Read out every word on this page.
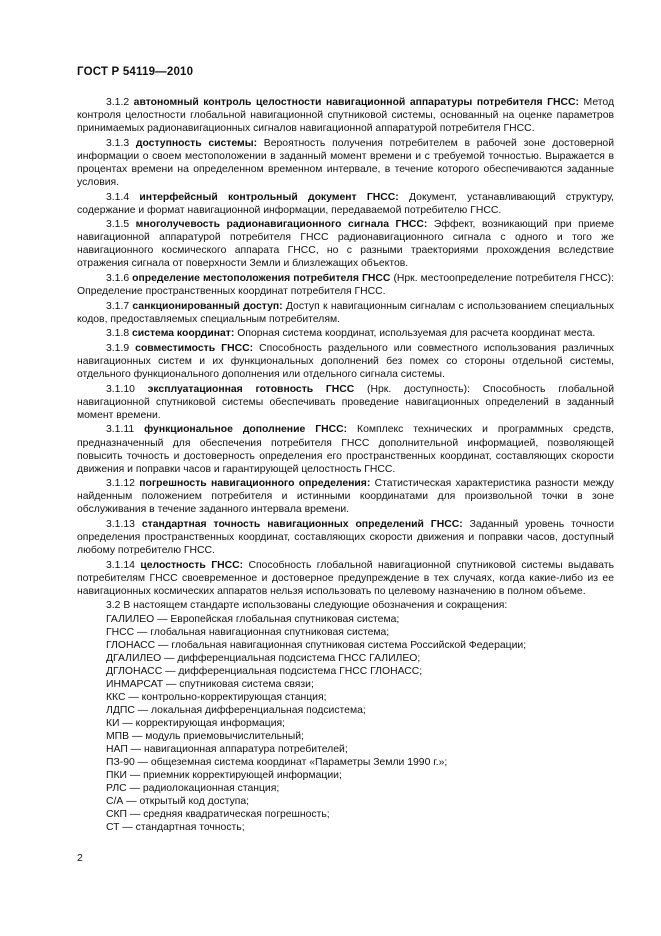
ГОСТ Р 54119—2010

3.1.2 автономный контроль целостности навигационной аппаратуры потребителя ГНСС: Метод контроля целостности глобальной навигационной спутниковой системы, основанный на оценке параметров принимаемых радионавигационных сигналов навигационной аппаратурой потребителя ГНСС.

3.1.3 доступность системы: Вероятность получения потребителем в рабочей зоне достоверной информации о своем местоположении в заданный момент времени и с требуемой точностью. Выражается в процентах времени на определенном временном интервале, в течение которого обеспечиваются заданные условия.

3.1.4 интерфейсный контрольный документ ГНСС: Документ, устанавливающий структуру, содержание и формат навигационной информации, передаваемой потребителю ГНСС.

3.1.5 многолучевость радионавигационного сигнала ГНСС: Эффект, возникающий при приеме навигационной аппаратурой потребителя ГНСС радионавигационного сигнала с одного и того же навигационного космического аппарата ГНСС, но с разными траекториями прохождения вследствие отражения сигнала от поверхности Земли и близлежащих объектов.

3.1.6 определение местоположения потребителя ГНСС (Нрк. местоопределение потребителя ГНСС): Определение пространственных координат потребителя ГНСС.

3.1.7 санкционированный доступ: Доступ к навигационным сигналам с использованием специальных кодов, предоставляемых специальным потребителям.

3.1.8 система координат: Опорная система координат, используемая для расчета координат места.

3.1.9 совместимость ГНСС: Способность раздельного или совместного использования различных навигационных систем и их функциональных дополнений без помех со стороны отдельной системы, отдельного функционального дополнения или отдельного сигнала системы.

3.1.10 эксплуатационная готовность ГНСС (Нрк. доступность): Способность глобальной навигационной спутниковой системы обеспечивать проведение навигационных определений в заданный момент времени.

3.1.11 функциональное дополнение ГНСС: Комплекс технических и программных средств, предназначенный для обеспечения потребителя ГНСС дополнительной информацией, позволяющей повысить точность и достоверность определения его пространственных координат, составляющих скорости движения и поправки часов и гарантирующей целостность ГНСС.

3.1.12 погрешность навигационного определения: Статистическая характеристика разности между найденным положением потребителя и истинными координатами для произвольной точки в зоне обслуживания в течение заданного интервала времени.

3.1.13 стандартная точность навигационных определений ГНСС: Заданный уровень точности определения пространственных координат, составляющих скорости движения и поправки часов, доступный любому потребителю ГНСС.

3.1.14 целостность ГНСС: Способность глобальной навигационной спутниковой системы выдавать потребителям ГНСС своевременное и достоверное предупреждение в тех случаях, когда какие-либо из ее навигационных космических аппаратов нельзя использовать по целевому назначению в полном объеме.

3.2 В настоящем стандарте использованы следующие обозначения и сокращения:

ГАЛИЛЕО — Европейская глобальная спутниковая система;
ГНСС — глобальная навигационная спутниковая система;
ГЛОНАСС — глобальная навигационная спутниковая система Российской Федерации;
ДГАЛИЛЕО — дифференциальная подсистема ГНСС ГАЛИЛЕО;
ДГЛОНАСС — дифференциальная подсистема ГНСС ГЛОНАСС;
ИНМАРСАТ — спутниковая система связи;
ККС — контрольно-корректирующая станция;
ЛДПС — локальная дифференциальная подсистема;
КИ — корректирующая информация;
МПВ — модуль приемовычислительный;
НАП — навигационная аппаратура потребителей;
ПЗ-90 — общеземная система координат «Параметры Земли 1990 г.»;
ПКИ — приемник корректирующей информации;
РЛС — радиолокационная станция;
С/А — открытый код доступа;
СКП — средняя квадратическая погрешность;
СТ — стандартная точность;
2
